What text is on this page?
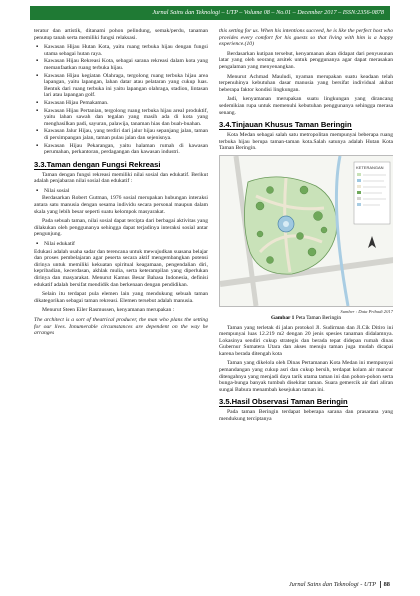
Jurnal Sains dan Teknologi – UTP – Volume 08 – No.01 – December 2017 – ISSN:2356-0878

teratur dan artistik, ditanami pohon pelindung, semak/perdu, tanaman penutup tanah serta memiliki fungsi relaksasi.

▪ Kawasan Hijau Hutan Kota, yaitu ruang terbuka hijau dengan fungsi utama sebagai hutan raya.
▪ Kawasan Hijau Rekreasi Kota, sebagai sarana rekreasi dalam kota yang memanfaatkan ruang terbuka hijau.
▪ Kawasan Hijau kegiatan Olahraga, tergolong ruang terbuka hijau area lapangan, yaitu lapangan, lahan datar atau pelataran yang cukup luas. Bentuk dari ruang terbuka ini yaitu lapangan olahraga, stadion, lintasan lari atau lapangan golf.
▪ Kawasan Hijau Pemakaman.
▪ Kawasan Hijau Pertanian, tergolong ruang terbuka hijau areal produktif, yaitu lahan sawah dan tegalan yang masih ada di kota yang menghasilkan padi, sayuran, palawija, tanaman hias dan buah-buahan.
▪ Kawasan Jalur Hijau, yang terdiri dari jalur hijau sepanjang jalan, taman di persimpangan jalan, taman pulau jalan dan sejenisnya.
▪ Kawasan Hijau Pekarangan, yaitu halaman rumah di kawasan perumahan, perkantoran, perdagangan dan kawasan industri.
3.3.Taman dengan Fungsi Rekreasi

Taman dengan fungsi rekreasi memiliki nilai sosial dan edukatif. Berikut adalah penjabaran nilai sosial dan edukatif :

▪ Nilai sosial

Berdasarkan Robert Gutman, 1976 sosial merupakan hubungan interaksi antara satu manusia dengan sesama individu secara personal maupun dalam skala yang lebih besar seperti suatu kelompok masyarakat.

Pada sebuah taman, nilai sosial dapat tercipta dari berbagai aktivitas yang dilakukan oleh penggunanya sehingga dapat terjadinya interaksi sosial antar pengunjung.

▪ Nilai edukatif

Edukasi adalah usaha sadar dan terencana untuk mewujudkan suasana belajar dan proses pembelajaran agar peserta secara aktif mengembangkan potensi dirinya untuk memiliki kekuatan spiritual keagamaan, pengendalian diri, kepribadian, kecerdasan, akhlak mulia, serta keterampilan yang diperlukan dirinya dan masyarakat. Menurut Kamus Besar Bahasa Indonesia, definisi edukatif adalah bersifat mendidik dan berkenaan dengan pendidikan.

Selain itu terdapat pula elemen lain yang mendukung sebuah taman dikategorikan sebagai taman rekreasi. Elemen tersebut adalah manusia.

Menurut Steen Eiler Rasmussen, kenyamanan merupakan :

The architect is a sort of theatrical producer, the man who plans the setting for our lives. Innumerable circumstances are dependent on the way he arranges

this setting for us. When his intentions succeed, he is like the perfect host who provides every comfort for his guests so that living with him is a happy experience.(10)

Berdasarkan kutipan tersebut, kenyamanan akan didapat dari penyusunan latar yang oleh seorang arsitek untuk penggunanya agar dapat merasakan pengalaman yang menyenangkan.

Menurut Achmad Mauludi, nyaman merupakan suatu keadaan telah terpenuhinya kebutuhan dasar manusia yang bersifat individual akibat beberapa faktor kondisi lingkungan.

Jadi, kenyamanan merupakan suatu lingkungan yang dirancang sedemikian rupa untuk memenuhi kebutuhan penggunanya sehingga merasa senang.

3.4.Tinjauan Khusus Taman Beringin

Kota Medan sebagai salah satu metropolitan mempunyai beberapa ruang terbuka hijau berupa taman-taman kota.Salah satunya adalah Hutan Kota Taman Beringin.

KETERANGAN

Sumber : Data Pribadi 2017

Gambar 1 Peta Taman Beringin

Taman yang terletak di jalan protokol Jl. Sudirman dan Jl.Cik Ditiro ini mempunyai luas 12.219 m2 dengan 20 jenis spesies tanaman didalamnya. Lokasinya sendiri cukup strategis dan berada tepat didepan rumah dinas Gubernur Sumatera Utara dan akses menuju taman juga mudah dicapai karena berada ditengah kota

Taman yang dikelola oleh Dinas Pertamanan Kota Medan ini mempunyai pemandangan yang cukup asri dan cukup bersih, terdapat kolam air mancur ditengahnya yang menjadi daya tarik utama taman ini dan pohon-pohon serta bunga-bunga banyak tumbuh disekitar taman. Suara gemercik air dari aliran sungai Babura menambah kesejukan taman ini.

3.5.Hasil Observasi Taman Beringin

Pada taman Beringin terdapat beberapa sarana dan prasarana yang mendukung terciptanya

Jurnal Sains dan Teknologi - UTP 88
